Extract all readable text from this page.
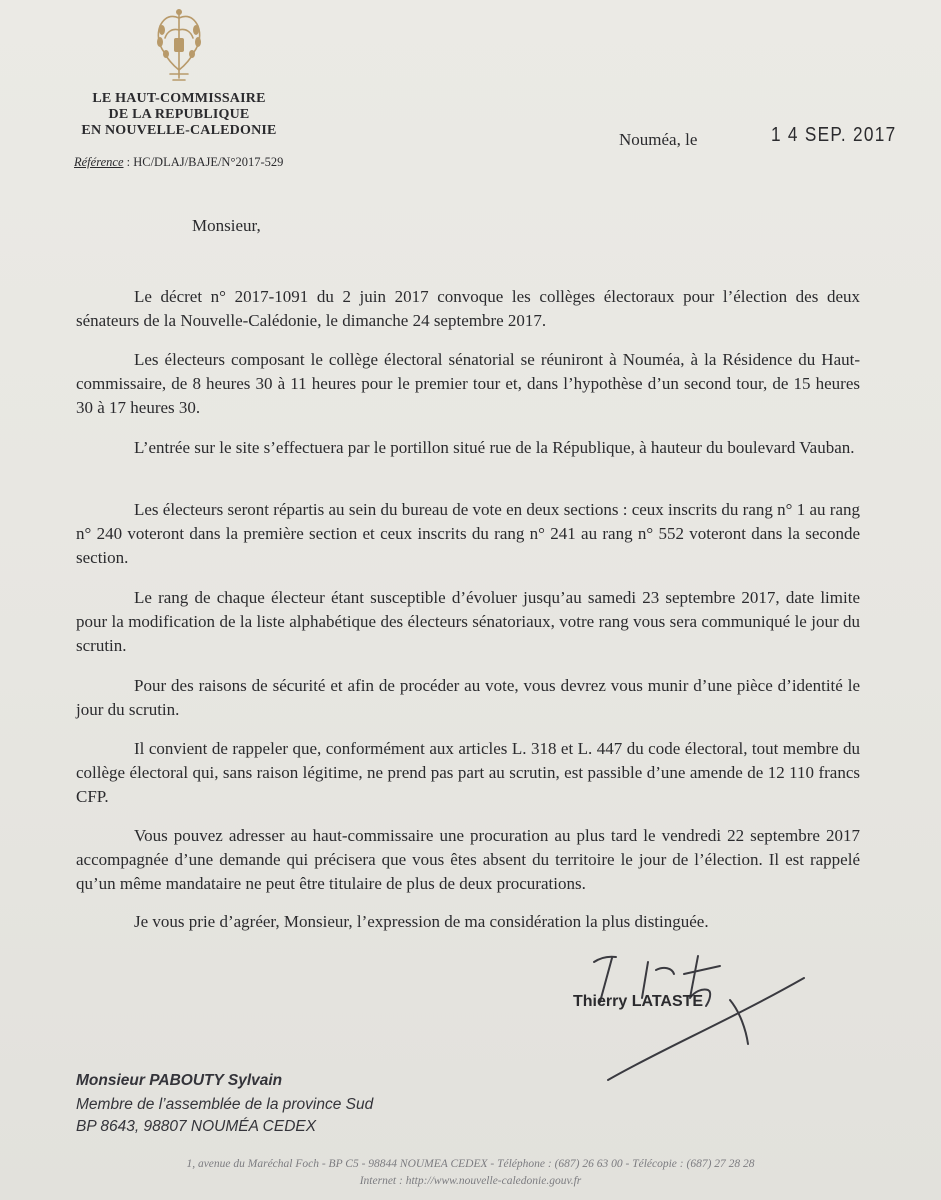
LE HAUT-COMMISSAIRE
DE LA REPUBLIQUE
EN NOUVELLE-CALEDONIE
Référence : HC/DLAJ/BAJE/N°2017-529
Nouméa, le	1 4 SEP. 2017
Monsieur,
Le décret n° 2017-1091 du 2 juin 2017 convoque les collèges électoraux pour l’élection des deux sénateurs de la Nouvelle-Calédonie, le dimanche 24 septembre 2017.
Les électeurs composant le collège électoral sénatorial se réuniront à Nouméa, à la Résidence du Haut-commissaire, de 8 heures 30 à 11 heures pour le premier tour et, dans l’hypothèse d’un second tour, de 15 heures 30 à 17 heures 30.
L’entrée sur le site s’effectuera par le portillon situé rue de la République, à hauteur du boulevard Vauban.
Les électeurs seront répartis au sein du bureau de vote en deux sections : ceux inscrits du rang n° 1 au rang n° 240 voteront dans la première section et ceux inscrits du rang n° 241 au rang n° 552 voteront dans la seconde section.
Le rang de chaque électeur étant susceptible d’évoluer jusqu’au samedi 23 septembre 2017, date limite pour la modification de la liste alphabétique des électeurs sénatoriaux, votre rang vous sera communiqué le jour du scrutin.
Pour des raisons de sécurité et afin de procéder au vote, vous devrez vous munir d’une pièce d’identité le jour du scrutin.
Il convient de rappeler que, conformément aux articles L. 318 et L. 447 du code électoral, tout membre du collège électoral qui, sans raison légitime, ne prend pas part au scrutin, est passible d’une amende de 12 110 francs CFP.
Vous pouvez adresser au haut-commissaire une procuration au plus tard le vendredi 22 septembre 2017 accompagnée d’une demande qui précisera que vous êtes absent du territoire le jour de l’élection. Il est rappelé qu’un même mandataire ne peut être titulaire de plus de deux procurations.
Je vous prie d’agréer, Monsieur, l’expression de ma considération la plus distinguée.
Thierry LATASTE
Monsieur PABOUTY Sylvain
Membre de l’assemblée de la province Sud
BP 8643, 98807 NOUMÉA CEDEX
1, avenue du Maréchal Foch - BP C5 - 98844 NOUMEA CEDEX - Téléphone : (687) 26 63 00 - Télécopie : (687) 27 28 28
Internet : http://www.nouvelle-caledonie.gouv.fr
